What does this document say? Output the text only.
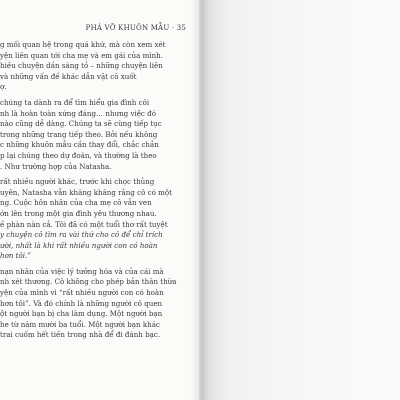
PHÁ VỠ KHUÔN MẪU · 35
g mối quan hệ trong quá khứ, mà còn xem xét
yện liên quan tới cha mẹ và em gái của mình.
hiều chuyện dần sáng tỏ – những chuyện liên
và những vấn đề khác dẫn vặt cô xuốt
ợ.
chúng ta dành ra để tìm hiểu gia đình côi
nh là hoàn toàn xứng đáng… nhưng việc đó
nào cũng dễ dàng. Chúng ta sẽ cùng tiếp tục
trong những trang tiếp theo. Bởi nếu không
c những khuôn mẫu cần thay đổi, chắc chắn
p lại chúng theo dự đoán, và thường là theo
. Như trường hợp của Natasha.
rất nhiều người khác, trước khi chọc thủng
uyên, Natasha vẫn khăng khăng rằng cô có một
ng. Cuộc hôn nhân của cha mẹ cô vẫn ven
ớn lên trong một gia đình yêu thương nhau.
ề phàn nàn cả. Tôi đã có một tuổi thơ rất tuyệt
y chuyện cô tìm ra vài thứ cho cô để chỉ trích
ười, nhất là khi rất nhiều người con có hoàn
hơn tôi.”
nạn nhân của việc lý tưởng hóa và của cái mà
nh xét thương. Cô không cho phép bản thân thừa
yện của mình vì “rất nhiều người con có hoàn
hơn tôi”. Và đó chính là những người cô quen
ột người bạn bị cha làm dụng. Một người bạn
he từ năm mười ba tuổi. Một người bạn khác
trai cuốm hết tiền trong nhà để đi đánh bạc.
